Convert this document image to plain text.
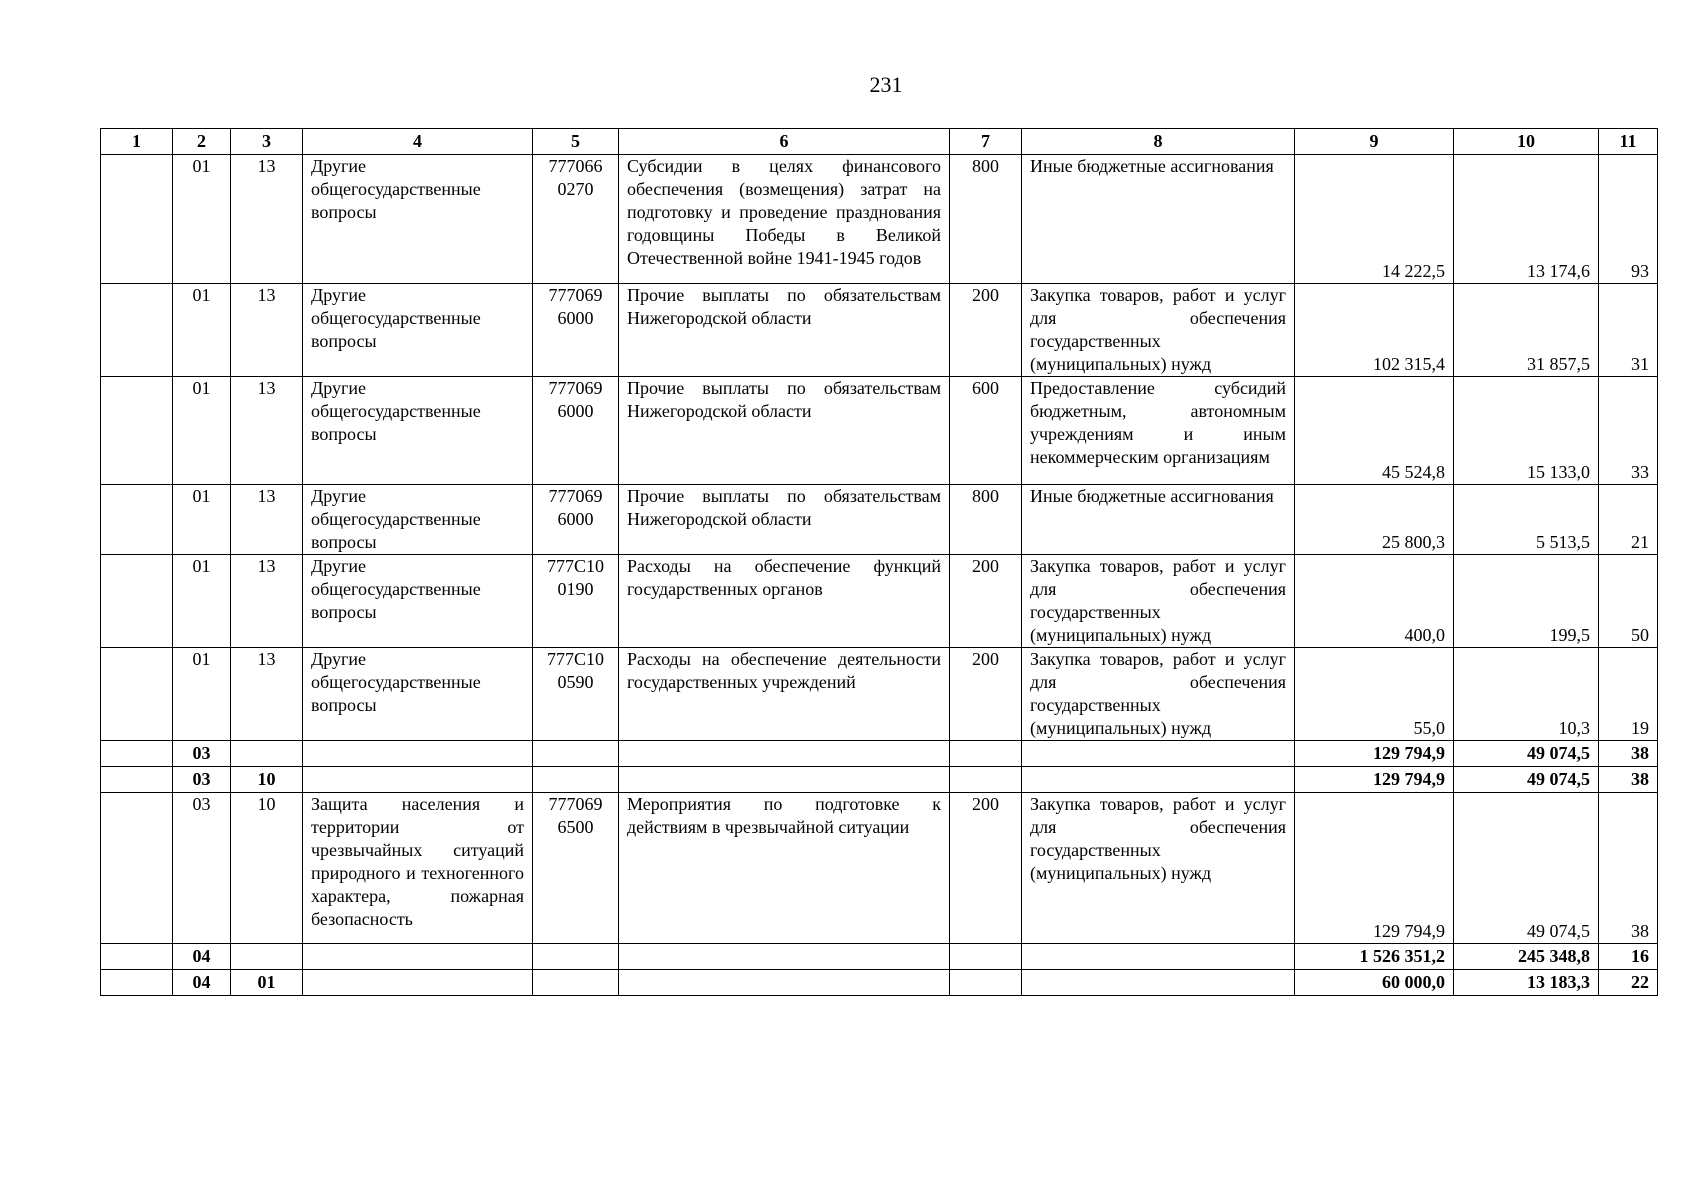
231
1	2	3	4	5	6	7	8	9	10	11
	01	13	Другие общегосударственные вопросы	777066 0270	Субсидии в целях финансового обеспечения (возмещения) затрат на подготовку и проведение празднования годовщины Победы в Великой Отечественной войне 1941-1945 годов	800	Иные бюджетные ассигнования	14 222,5	13 174,6	93
	01	13	Другие общегосударственные вопросы	777069 6000	Прочие выплаты по обязательствам Нижегородской области	200	Закупка товаров, работ и услуг для обеспечения государственных (муниципальных) нужд	102 315,4	31 857,5	31
	01	13	Другие общегосударственные вопросы	777069 6000	Прочие выплаты по обязательствам Нижегородской области	600	Предоставление субсидий бюджетным, автономным учреждениям и иным некоммерческим организациям	45 524,8	15 133,0	33
	01	13	Другие общегосударственные вопросы	777069 6000	Прочие выплаты по обязательствам Нижегородской области	800	Иные бюджетные ассигнования	25 800,3	5 513,5	21
	01	13	Другие общегосударственные вопросы	777С10 0190	Расходы на обеспечение функций государственных органов	200	Закупка товаров, работ и услуг для обеспечения государственных (муниципальных) нужд	400,0	199,5	50
	01	13	Другие общегосударственные вопросы	777С10 0590	Расходы на обеспечение деятельности государственных учреждений	200	Закупка товаров, работ и услуг для обеспечения государственных (муниципальных) нужд	55,0	10,3	19
	03							129 794,9	49 074,5	38
	03	10						129 794,9	49 074,5	38
	03	10	Защита населения и территории от чрезвычайных ситуаций природного и техногенного характера, пожарная безопасность	777069 6500	Мероприятия по подготовке к действиям в чрезвычайной ситуации	200	Закупка товаров, работ и услуг для обеспечения государственных (муниципальных) нужд	129 794,9	49 074,5	38
	04							1 526 351,2	245 348,8	16
	04	01						60 000,0	13 183,3	22
